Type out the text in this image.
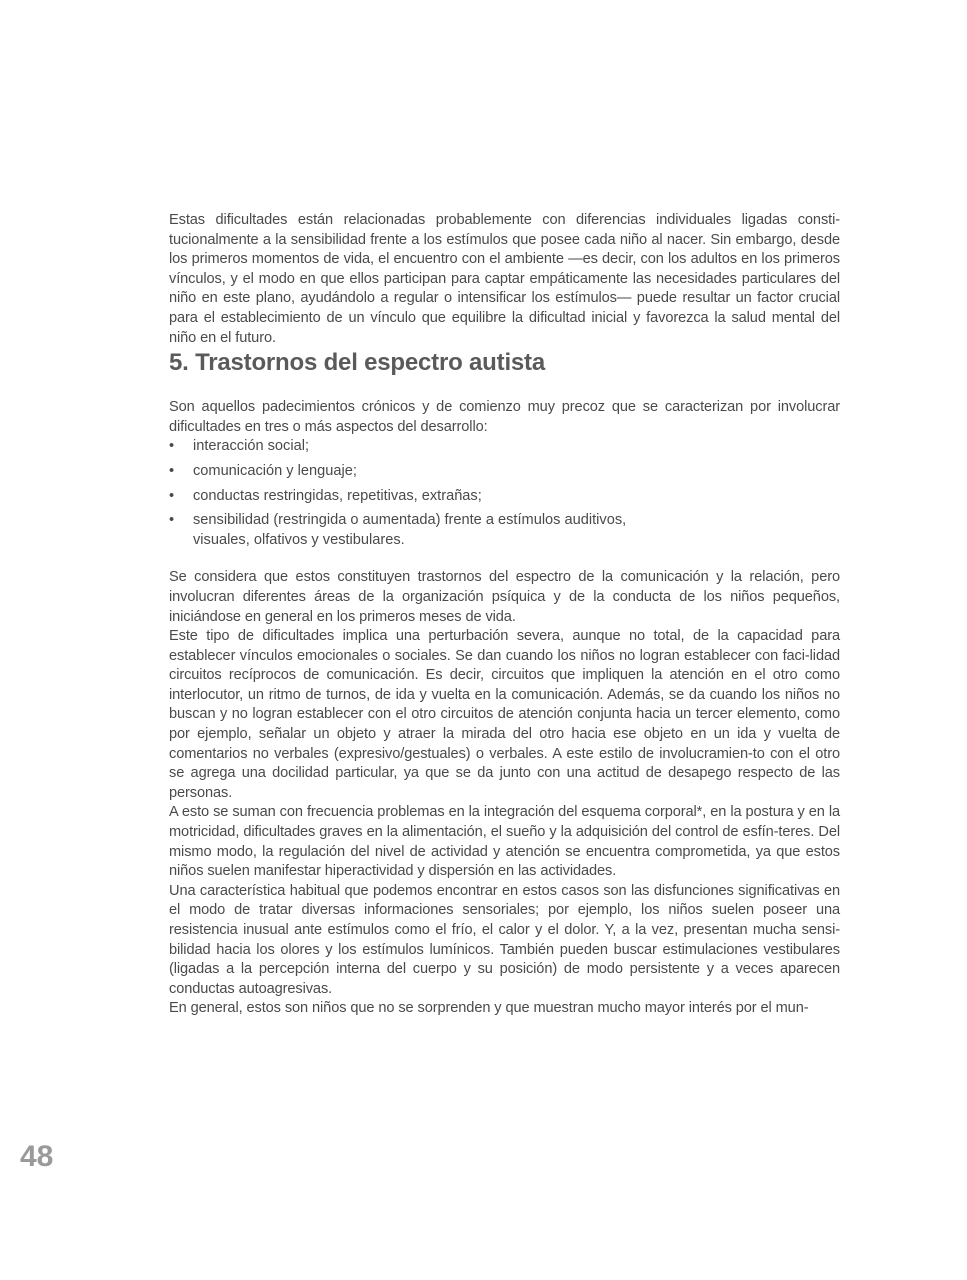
Estas dificultades están relacionadas probablemente con diferencias individuales ligadas consti-tucionalmente a la sensibilidad frente a los estímulos que posee cada niño al nacer. Sin embargo, desde los primeros momentos de vida, el encuentro con el ambiente —es decir, con los adultos en los primeros vínculos, y el modo en que ellos participan para captar empáticamente las necesidades particulares del niño en este plano, ayudándolo a regular o intensificar los estímulos— puede resultar un factor crucial para el establecimiento de un vínculo que equilibre la dificultad inicial y favorezca la salud mental del niño en el futuro.

5. Trastornos del espectro autista

Son aquellos padecimientos crónicos y de comienzo muy precoz que se caracterizan por involucrar dificultades en tres o más aspectos del desarrollo:

• interacción social;
• comunicación y lenguaje;
• conductas restringidas, repetitivas, extrañas;
• sensibilidad (restringida o aumentada) frente a estímulos auditivos, visuales, olfativos y vestibulares.

Se considera que estos constituyen trastornos del espectro de la comunicación y la relación, pero involucran diferentes áreas de la organización psíquica y de la conducta de los niños pequeños, iniciándose en general en los primeros meses de vida.

Este tipo de dificultades implica una perturbación severa, aunque no total, de la capacidad para establecer vínculos emocionales o sociales. Se dan cuando los niños no logran establecer con faci-lidad circuitos recíprocos de comunicación. Es decir, circuitos que impliquen la atención en el otro como interlocutor, un ritmo de turnos, de ida y vuelta en la comunicación. Además, se da cuando los niños no buscan y no logran establecer con el otro circuitos de atención conjunta hacia un tercer elemento, como por ejemplo, señalar un objeto y atraer la mirada del otro hacia ese objeto en un ida y vuelta de comentarios no verbales (expresivo/gestuales) o verbales. A este estilo de involucramien-to con el otro se agrega una docilidad particular, ya que se da junto con una actitud de desapego respecto de las personas.

A esto se suman con frecuencia problemas en la integración del esquema corporal*, en la postura y en la motricidad, dificultades graves en la alimentación, el sueño y la adquisición del control de esfín-teres. Del mismo modo, la regulación del nivel de actividad y atención se encuentra comprometida, ya que estos niños suelen manifestar hiperactividad y dispersión en las actividades.

Una característica habitual que podemos encontrar en estos casos son las disfunciones significativas en el modo de tratar diversas informaciones sensoriales; por ejemplo, los niños suelen poseer una resistencia inusual ante estímulos como el frío, el calor y el dolor. Y, a la vez, presentan mucha sensi-bilidad hacia los olores y los estímulos lumínicos. También pueden buscar estimulaciones vestibulares (ligadas a la percepción interna del cuerpo y su posición) de modo persistente y a veces aparecen conductas autoagresivas.

En general, estos son niños que no se sorprenden y que muestran mucho mayor interés por el mun-

48
